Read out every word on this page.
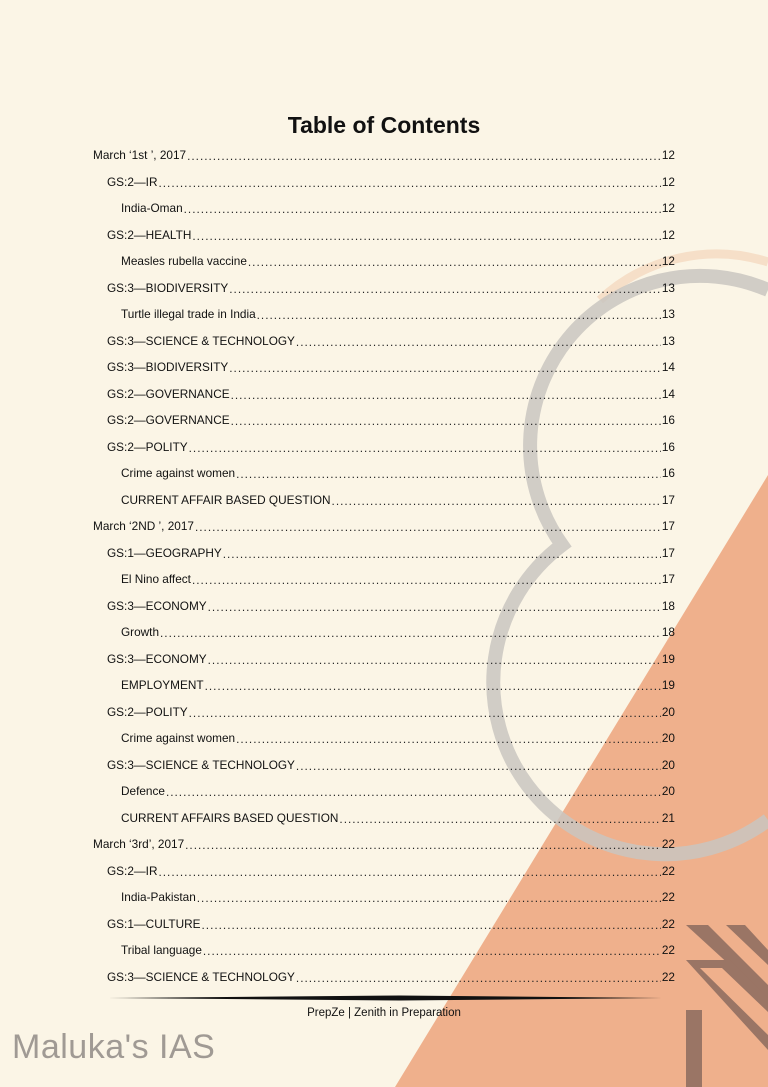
Table of Contents
March ‘1st ’, 2017 .....	12
GS:2—IR .....	12
India-Oman .....	12
GS:2—HEALTH .....	12
Measles rubella vaccine .....	12
GS:3—BIODIVERSITY .....	13
Turtle illegal trade in India .....	13
GS:3—SCIENCE & TECHNOLOGY .....	13
GS:3—BIODIVERSITY .....	14
GS:2—GOVERNANCE .....	14
GS:2—GOVERNANCE .....	16
GS:2—POLITY .....	16
Crime against women .....	16
CURRENT AFFAIR BASED QUESTION .....	17
March ‘2ND ’, 2017 .....	17
GS:1—GEOGRAPHY .....	17
El Nino affect .....	17
GS:3—ECONOMY .....	18
Growth .....	18
GS:3—ECONOMY .....	19
EMPLOYMENT .....	19
GS:2—POLITY .....	20
Crime against women .....	20
GS:3—SCIENCE & TECHNOLOGY .....	20
Defence .....	20
CURRENT AFFAIRS BASED QUESTION .....	21
March ‘3rd’, 2017 .....	22
GS:2—IR .....	22
India-Pakistan .....	22
GS:1—CULTURE .....	22
Tribal language .....	22
GS:3—SCIENCE & TECHNOLOGY .....	22
PrepZe | Zenith in Preparation
Maluka's IAS
